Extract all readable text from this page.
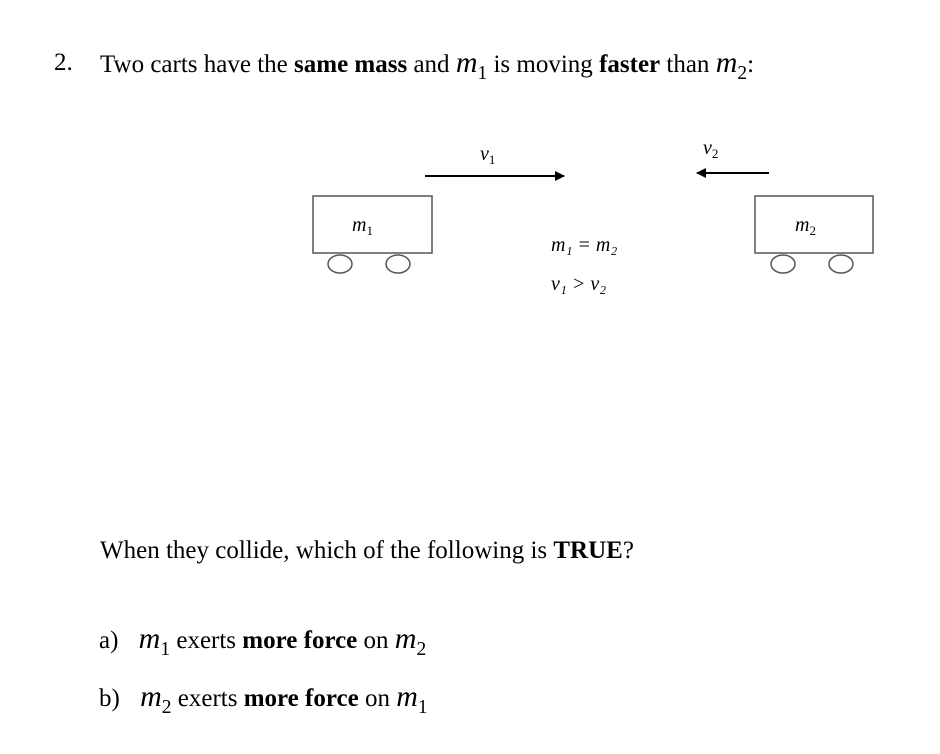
2. Two carts have the same mass and $m_1$ is moving faster than $m_2$:
$v_1$
$v_2$
$m_1$	$m_2$
m₁ = m₂
v₁ > v₂
When they collide, which of the following is TRUE?
a) $m_1$ exerts more force on $m_2$
b) $m_2$ exerts more force on $m_1$
